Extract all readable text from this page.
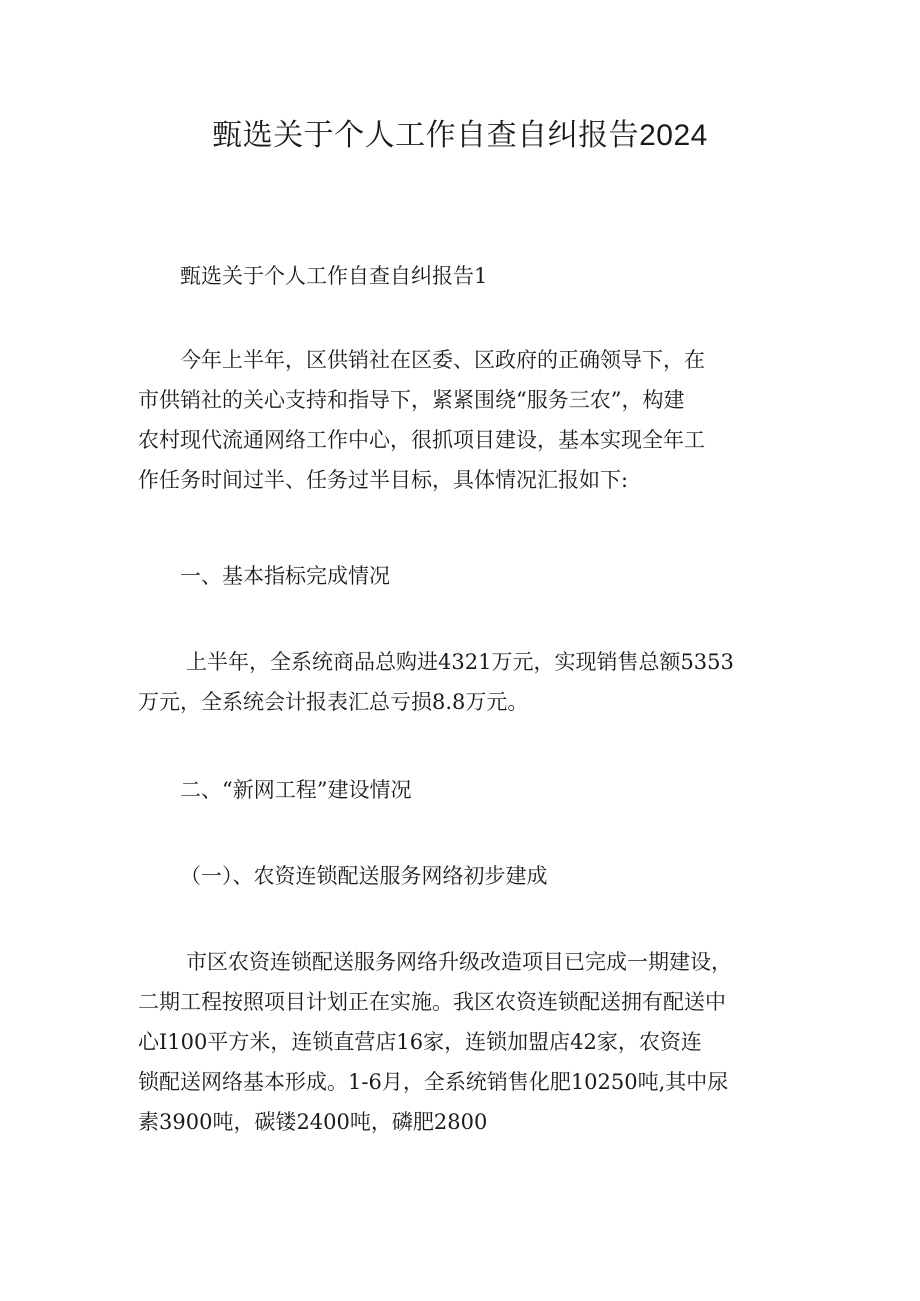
甄选关于个人工作自查自纠报告2024

甄选关于个人工作自查自纠报告1

今年上半年，区供销社在区委、区政府的正确领导下，在
市供销社的关心支持和指导下，紧紧围绕“服务三农”，构建
农村现代流通网络工作中心，很抓项目建设，基本实现全年工
作任务时间过半、任务过半目标，具体情况汇报如下:

一、基本指标完成情况

上半年，全系统商品总购进4321万元，实现销售总额5353
万元，全系统会计报表汇总亏损8.8万元。

二、“新网工程”建设情况

（一）、农资连锁配送服务网络初步建成

市区农资连锁配送服务网络升级改造项目已完成一期建设，
二期工程按照项目计划正在实施。我区农资连锁配送拥有配送中
心I100平方米，连锁直营店16家，连锁加盟店42家，农资连
锁配送网络基本形成。1-6月，全系统销售化肥10250吨,其中尿
素3900吨，碳镂2400吨，磷肥2800
